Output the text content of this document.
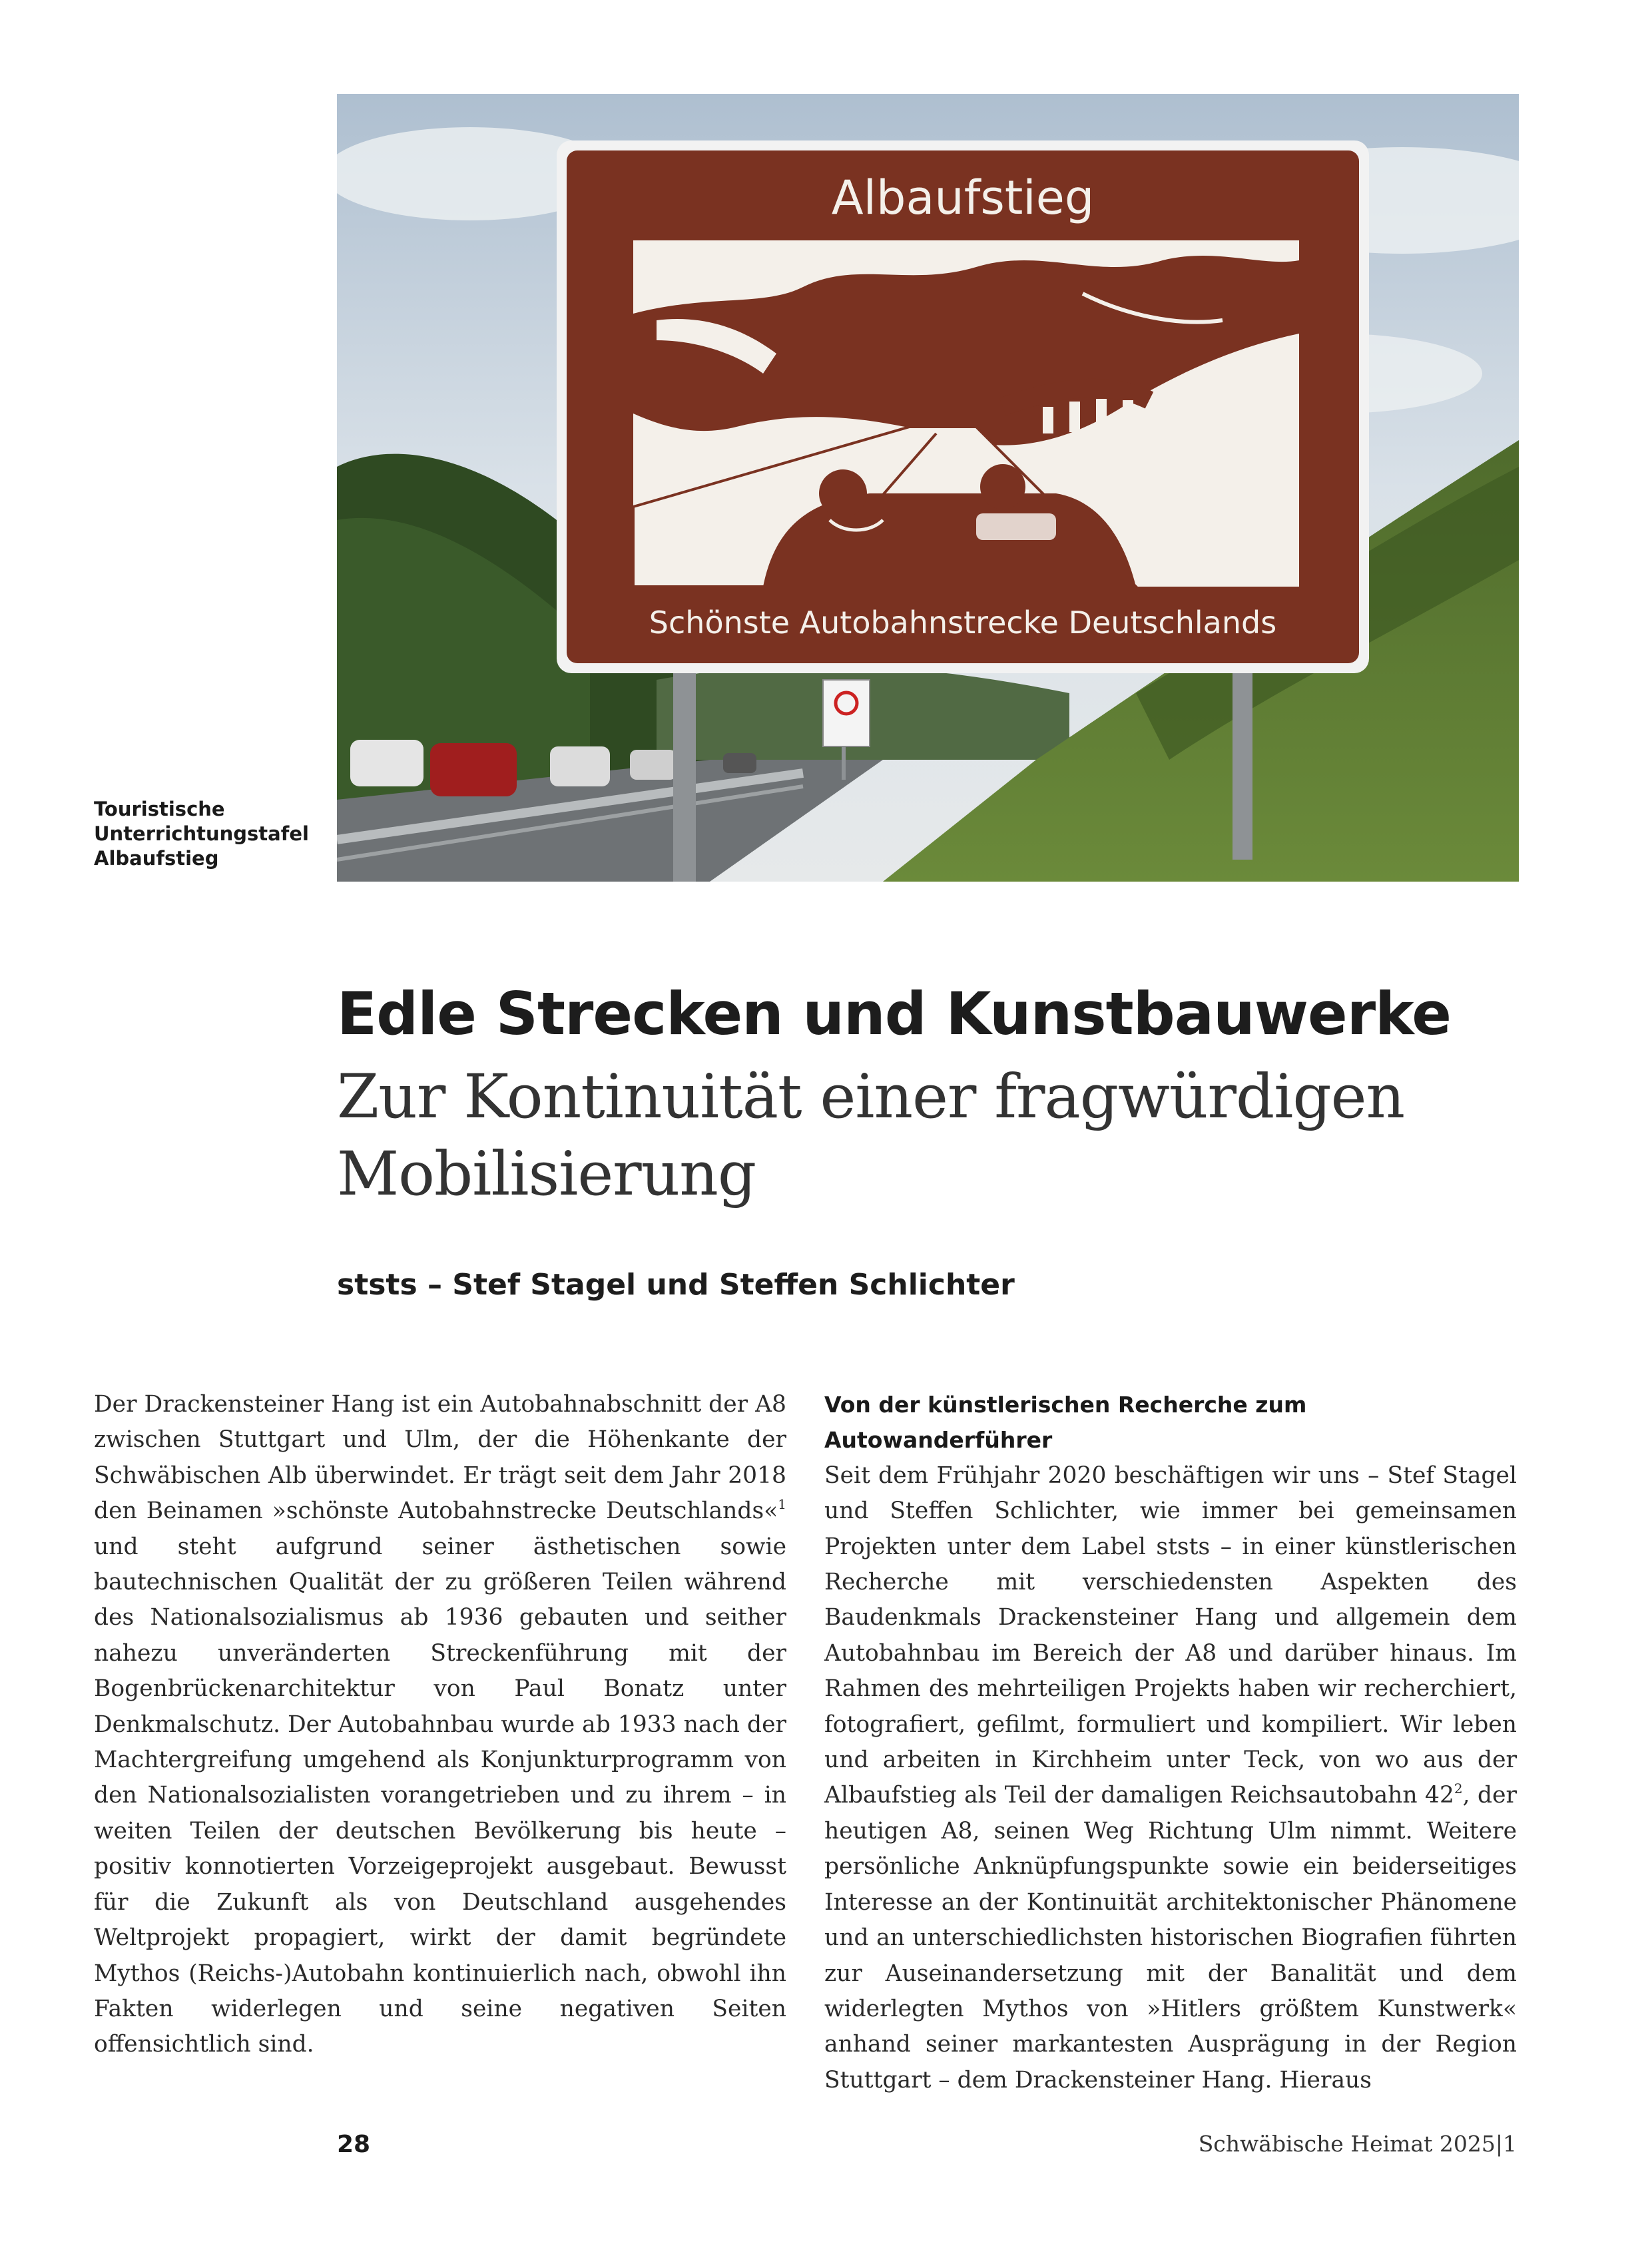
Albaufstieg
Schönste Autobahnstrecke Deutschlands
Touristische
Unterrichtungstafel
Albaufstieg
Edle Strecken und Kunstbauwerke
Zur Kontinuität einer fragwürdigen
Mobilisierung
ststs – Stef Stagel und Steffen Schlichter

Der Drackensteiner Hang ist ein Autobahnabschnitt der A8 zwischen Stuttgart und Ulm, der die Höhenkante der Schwäbischen Alb überwindet. Er trägt seit dem Jahr 2018 den Beinamen »schönste Autobahnstrecke Deutschlands«$^1$ und steht aufgrund seiner ästhetischen sowie bautechnischen Qualität der zu größeren Teilen während des Nationalsozialismus ab 1936 gebauten und seither nahezu unveränderten Streckenführung mit der Bogenbrückenarchitektur von Paul Bonatz unter Denkmalschutz. Der Autobahnbau wurde ab 1933 nach der Machtergreifung umgehend als Konjunkturprogramm von den Nationalsozialisten vorangetrieben und zu ihrem – in weiten Teilen der deutschen Bevölkerung bis heute – positiv konnotierten Vorzeigeprojekt ausgebaut. Bewusst für die Zukunft als von Deutschland ausgehendes Weltprojekt propagiert, wirkt der damit begründete Mythos (Reichs-)Autobahn kontinuierlich nach, obwohl ihn Fakten widerlegen und seine negativen Seiten offensichtlich sind.

Von der künstlerischen Recherche zum Autowanderführer

Seit dem Frühjahr 2020 beschäftigen wir uns – Stef Stagel und Steffen Schlichter, wie immer bei gemeinsamen Projekten unter dem Label ststs – in einer künstlerischen Recherche mit verschiedensten Aspekten des Baudenkmals Drackensteiner Hang und allgemein dem Autobahnbau im Bereich der A8 und darüber hinaus. Im Rahmen des mehrteiligen Projekts haben wir recherchiert, fotografiert, gefilmt, formuliert und kompiliert. Wir leben und arbeiten in Kirchheim unter Teck, von wo aus der Albaufstieg als Teil der damaligen Reichsautobahn $42^2$, der heutigen A8, seinen Weg Richtung Ulm nimmt. Weitere persönliche Anknüpfungspunkte sowie ein beiderseitiges Interesse an der Kontinuität architektonischer Phänomene und an unterschiedlichsten historischen Biografien führten zur Auseinandersetzung mit der Banalität und dem widerlegten Mythos von »Hitlers größtem Kunstwerk« anhand seiner markantesten Ausprägung in der Region Stuttgart – dem Drackensteiner Hang. Hieraus

28	Schwäbische Heimat 2025|1
